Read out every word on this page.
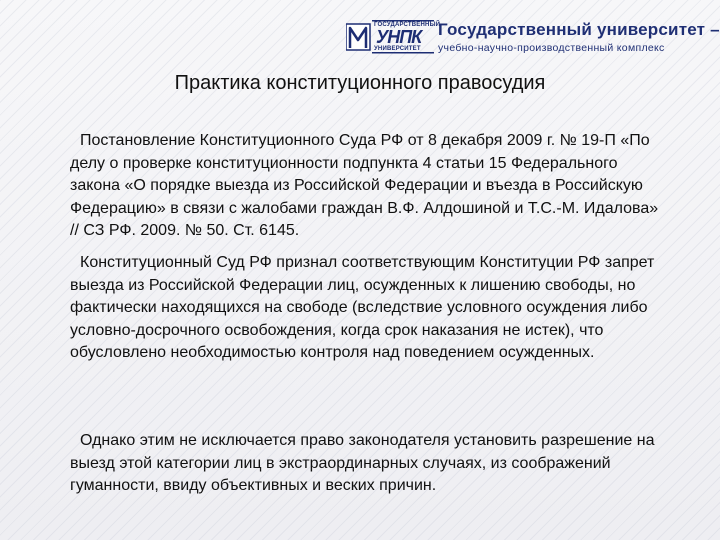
ГОСУДАРСТВЕННЫЙ
УНПК
УНИВЕРСИТЕТ
Государственный университет –
учебно-научно-производственный комплекс
Практика конституционного правосудия

Постановление Конституционного Суда РФ от 8 декабря 2009 г. № 19-П «По делу о проверке конституционности подпункта 4 статьи 15 Федерального закона «О порядке выезда из Российской Федерации и въезда в Российскую Федерацию» в связи с жалобами граждан В.Ф. Алдошиной и Т.С.-М. Идалова» // СЗ РФ. 2009. № 50. Ст. 6145.

Конституционный Суд РФ признал соответствующим Конституции РФ запрет выезда из Российской Федерации лиц, осужденных к лишению свободы, но фактически находящихся на свободе (вследствие условного осуждения либо условно-досрочного освобождения, когда срок наказания не истек), что обусловлено необходимостью контроля над поведением осужденных.

Однако этим не исключается право законодателя установить разрешение на выезд этой категории лиц в экстраординарных случаях, из соображений гуманности, ввиду объективных и веских причин.
